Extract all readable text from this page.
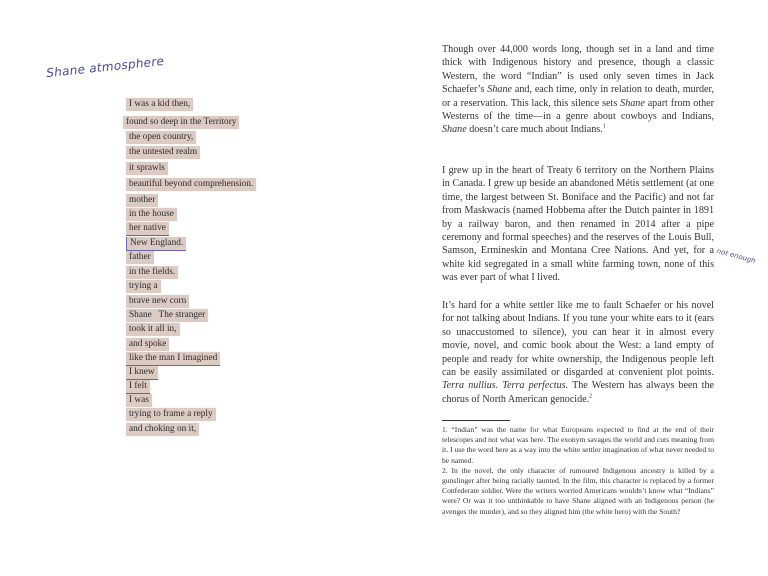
Shane atmosphere
I was a kid then,
found so deep in the Territory
the open country,
the untested realm
it sprawls
beautiful beyond comprehension.
mother
in the house
her native
New England.
father
in the fields.
trying a
brave new corn
Shane   The stranger
took it all in,
and spoke
like the man I imagined
I knew
I felt
I was
trying to frame a reply
and choking on it,

Though over 44,000 words long, though set in a land and time thick with Indigenous history and presence, though a classic Western, the word “Indian” is used only seven times in Jack Schaefer’s Shane and, each time, only in relation to death, murder, or a reservation. This lack, this silence sets Shane apart from other Westerns of the time—in a genre about cowboys and Indians, Shane doesn’t care much about Indians.$^1$

I grew up in the heart of Treaty 6 territory on the Northern Plains in Canada. I grew up beside an abandoned Métis settlement (at one time, the largest between St. Boniface and the Pacific) and not far from Maskwacis (named Hobbema after the Dutch painter in 1891 by a railway baron, and then renamed in 2014 after a pipe ceremony and formal speeches) and the reserves of the Louis Bull, Samson, Ermineskin and Montana Cree Nations. And yet, for a white kid segregated in a small white farming town, none of this was ever part of what I lived.

It’s hard for a white settler like me to fault Schaefer or his novel for not talking about Indians. If you tune your white ears to it (ears so unaccustomed to silence), you can hear it in almost every movie, novel, and comic book about the West: a land empty of people and ready for white ownership, the Indigenous people left can be easily assimilated or disgarded at convenient plot points. Terra nullius. Terra perfectus. The Western has always been the chorus of North American genocide.$^2$

1. “Indian” was the name for what Europeans expected to find at the end of their telescopes and not what was here. The exonym savages the world and cuts meaning from it. I use the word here as a way into the white settler imagination of what never needed to be named.

2. In the novel, the only character of rumoured Indigenous ancestry is killed by a gunslinger after being racially taunted. In the film, this character is replaced by a former Confederate soldier. Were the writers worried Americans wouldn’t know what “Indians” were? Or was it too unthinkable to have Shane aligned with an Indigenous person (he avenges the murder), and so they aligned him (the white hero) with the South?

not enough
